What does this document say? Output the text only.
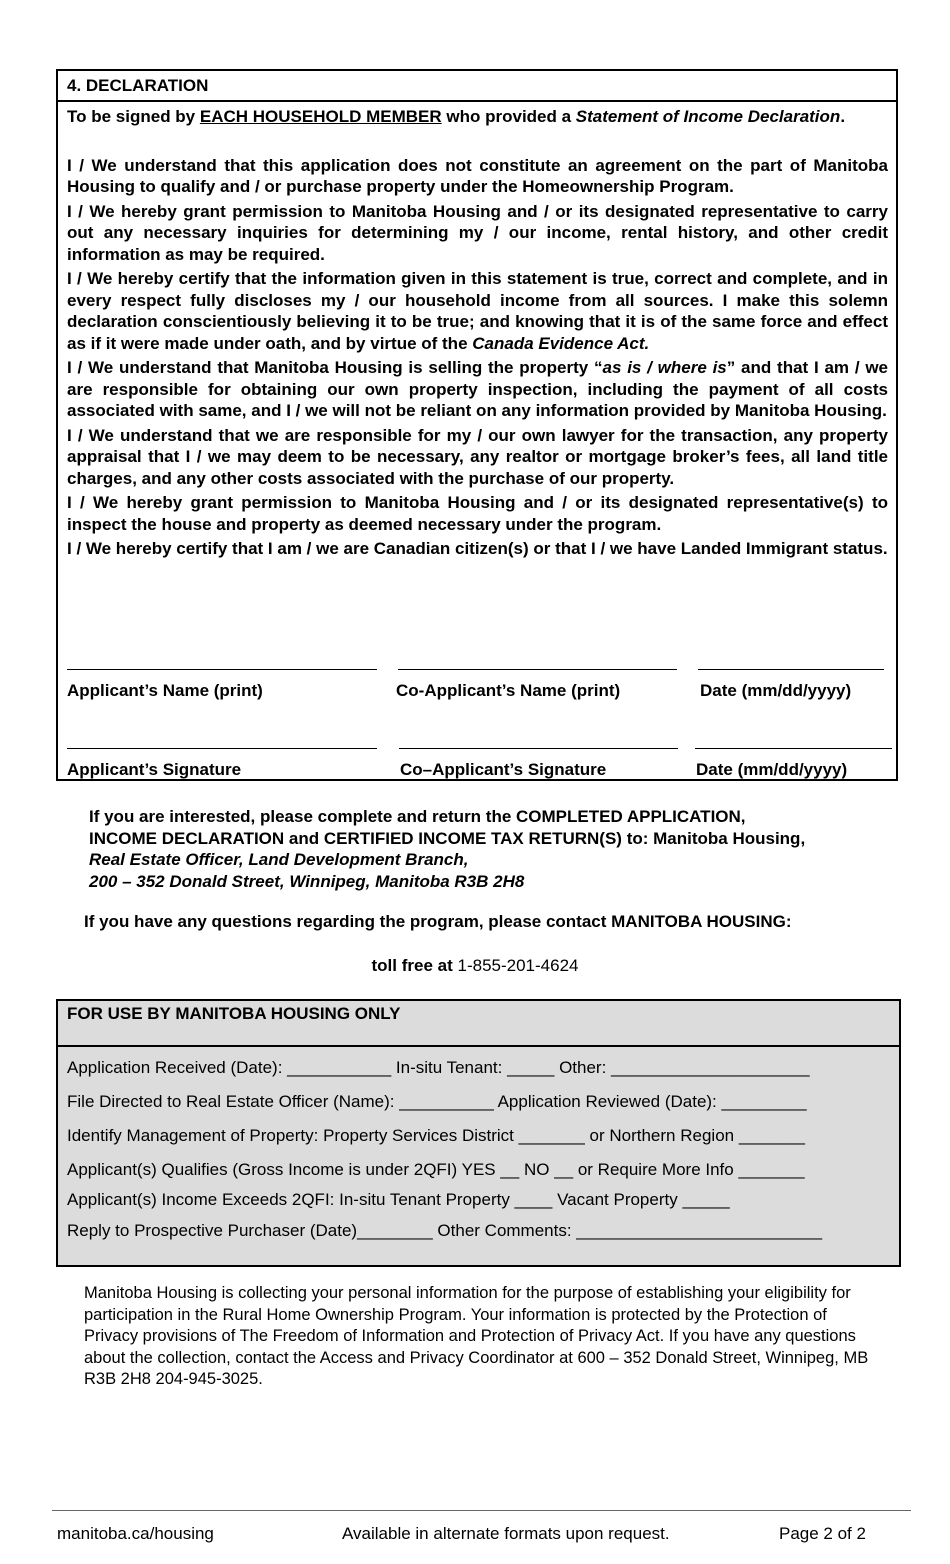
4. DECLARATION

To be signed by EACH HOUSEHOLD MEMBER who provided a Statement of Income Declaration.

I / We understand that this application does not constitute an agreement on the part of Manitoba Housing to qualify and / or purchase property under the Homeownership Program.

I / We hereby grant permission to Manitoba Housing and / or its designated representative to carry out any necessary inquiries for determining my / our income, rental history, and other credit information as may be required.

I / We hereby certify that the information given in this statement is true, correct and complete, and in every respect fully discloses my / our household income from all sources. I make this solemn declaration conscientiously believing it to be true; and knowing that it is of the same force and effect as if it were made under oath, and by virtue of the Canada Evidence Act.

I / We understand that Manitoba Housing is selling the property “as is / where is” and that I am / we are responsible for obtaining our own property inspection, including the payment of all costs associated with same, and I / we will not be reliant on any information provided by Manitoba Housing.

I / We understand that we are responsible for my / our own lawyer for the transaction, any property appraisal that I / we may deem to be necessary, any realtor or mortgage broker’s fees, all land title charges, and any other costs associated with the purchase of our property.

I / We hereby grant permission to Manitoba Housing and / or its designated representative(s) to inspect the house and property as deemed necessary under the program.

I / We hereby certify that I am / we are Canadian citizen(s) or that I / we have Landed Immigrant status.

Applicant’s Name (print)	Co-Applicant’s Name (print)	Date (mm/dd/yyyy)
Applicant’s Signature	Co–Applicant’s Signature	Date (mm/dd/yyyy)
If you are interested, please complete and return the COMPLETED APPLICATION,
INCOME DECLARATION and CERTIFIED INCOME TAX RETURN(S) to: Manitoba Housing,
Real Estate Officer, Land Development Branch,
200 – 352 Donald Street, Winnipeg, Manitoba R3B 2H8
If you have any questions regarding the program, please contact MANITOBA HOUSING:
toll free at 1-855-201-4624
FOR USE BY MANITOBA HOUSING ONLY
Application Received (Date): ___________ In-situ Tenant: _____ Other: _____________________
File Directed to Real Estate Officer (Name): __________ Application Reviewed (Date): _________
Identify Management of Property: Property Services District _______ or Northern Region _______
Applicant(s) Qualifies (Gross Income is under 2QFI) YES __ NO __ or Require More Info _______
Applicant(s) Income Exceeds 2QFI: In-situ Tenant Property ____ Vacant Property _____
Reply to Prospective Purchaser (Date)________ Other Comments: __________________________
Manitoba Housing is collecting your personal information for the purpose of establishing your eligibility for participation in the Rural Home Ownership Program. Your information is protected by the Protection of Privacy provisions of The Freedom of Information and Protection of Privacy Act. If you have any questions about the collection, contact the Access and Privacy Coordinator at 600 – 352 Donald Street, Winnipeg, MB R3B 2H8 204-945-3025.
manitoba.ca/housing	Available in alternate formats upon request.	Page 2 of 2
